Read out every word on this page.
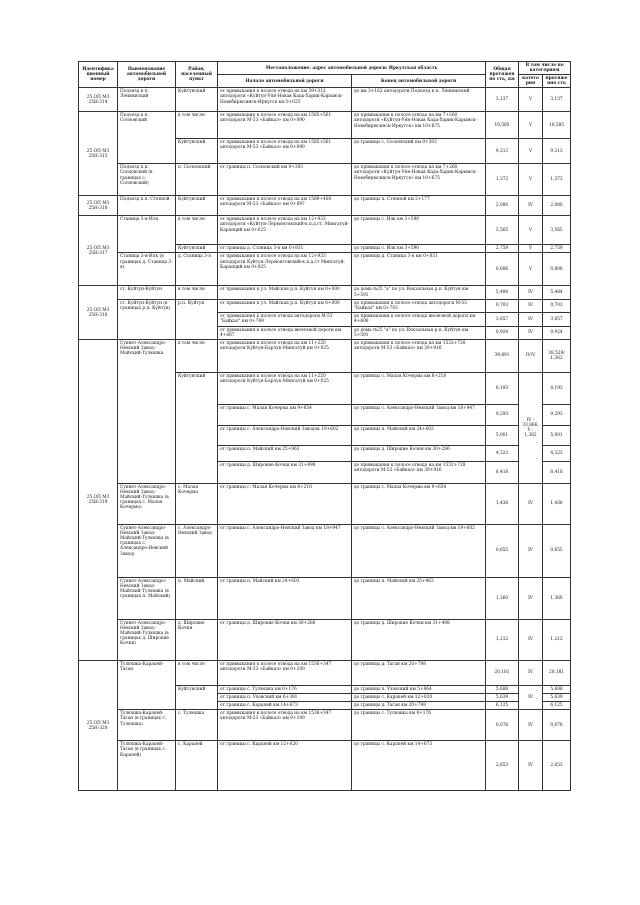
Идентифика ционный номер	Наименование автомобильной дороги	Район, населенный пункт	Местоположение: адрес автомобильной дороги: Иркутская область		Общая протяженно сть, км	В том числе по категориям	
			Начало автомобильной дороги	Конец автомобильной дороги		катего рия	протяженно сть

25 ОП МЗ 25Н-314	Подъезд к п. Лениниский	Куйтунский	от примыкания к полосе отвода на км 39+312 автодороги «Куйтун-Уян-Новая Када-Харик-Карымск-Новобирюсинск-Иркутск км 0+025	до км 3+162 автодороги Подъезд к п. Лениниский	3,137	V	3,137
25 ОП МЗ 25Н-315	Подъезд к п. Сосновский	в том числе	от примыкания к полосе отвода на км 1585+561 автодороги М-53 «Байкал» км 0+090	до примыкания к полосе отвода на км 7+260 автодороги «Куйтун-Уян-Новая Када-Харик-Карымск-Новобирюсинск-Иркутск» км 10+675	10,585	V	10,585
		Куйтунский	от примыкания к полосе отвода на км 1585+561 автодороги М-53 «Байкал» км 0+090	до границы с. Сосновский км 9+303	9,213	V	9,213
	Подъезд к п. Сосновский (в границах с. Сосновский)	п. Сосновский	от границы п. Сосновский км 9+303	до примыкания к полосе отвода на км 7+260 автодороги «Куйтун-Уян-Новая Када-Харик-Карымск-Новобирюсинск-Иркутск» км 10+675	1,372	V	1,372
25 ОП МЗ 25Н-316	Подъезд к п. Степной	Куйтунский	от примыкания к полосе отвода на км 1589+400 автодороги М-53 «Байкал» км 0+097	до границы п. Степной км 2+177	2,080	IV	2,080
25 ОП МЗ 25Н-317	Станица 3-я-Илк	в том числе	от примыкания к полосе отвода на км 12+933 автодороги «Куйтун-Лермонтовский-к.п.д.ст. Мингатуй-Карапций км 0+025	до границы с. Илк км 3+590	3,565	V	3,565
		Куйтунский	от границы д. Станица 3-я км 0+831	до границы с. Илк км 3+590	2,759	V	2,759
	Станица 3-я-Илк (в границах д. Станица 3-я)	д. Станица 3-я	от примыкания к полосе отвода на км 12+933 автодороги Куйтун-Лермонтовский-к.п.д.ст Мингатуй-Карапций км 0+025	до границы д. Станица 3-я км 0+831	0,806	V	0,806
25 ОП МЗ 25Н-318	ст. Куйтун-Куйтун	в том числе	от примыкания к ул. Майская р.п. Куйтун км 0+000	до дома №25 "а" по ул. Вокзальная р.п. Куйтун км 5+591	5,484	IV	5,484
	ст. Куйтун-Куйтун (в границах р.п. Куйтун)	р.п. Куйтун	от примыкания к ул. Майская р.п. Куйтун км 0+000	до примыкания к полосе отвода автодороги М-53 "Байкал" км 0+703	0,703	IV	0,703
			от примыкания к полосе отвода автодороги М-53 "Байкал" км 0+749	до примыкания к полосе отвода железной дороги км 4+606	3,857	IV	3,857
			от примыкания к полосе отвода железной дороги км 4+667	до дома №25 "а" по ул. Вокзальная р.п. Куйтун км 5+591	0,924	IV	0,924
25 ОП МЗ 25Н-319	Сукнет-Александро-Невский Завод-Майский-Тулюшка	в том числе	от примыкания к полосе отвода на км 11+220 автодороги Куйтун-Барлук-Мингатуй км 0+025	до примыкания к полосе отвода на км 1532+728 автодороги М-53 «Байкал» км 39+916	39,891	IV/V	38,529/ 1,362
		Куйтунский	от примыкания к полосе отвода на км 11+220 автодороги Куйтун-Барлук-Мингатуй км 0+025	до границы с. Малая Кочерма км 8+218	8,193	IV - 33,866, V - 1,362	8,193
			от границы с. Малая Кочерма км 9+654	до границы с. Александро-Невский Завод км 18+947	9,293		9,293
			от границы с. Александро-Невский Заводок 19+602	до границы п. Майский км 24+603	5,001		5,001
			от границы п. Майский км 25+963	до границы д. Широкие Кочки км 30+286	4,323		4,323
			от границы д. Широкие Кочки км 31+498	до примыкания к полосе отвода на км 1532+728 автодороги М-53 «Байкал» км 39+916	8,418		8,418
	Сукнет-Александро-Невский Завод-Майский-Тулюшка (в границах с. Малая Кочерма)	с. Малая Кочерма	от границы с. Малая Кочерма км 8+218	до границы с. Малая Кочерма км 9+654	1,436	IV	1,436
	Сукнет-Александро-Невский Завод-Майский-Тулюшка (в границах с. Александро-Невский Завод)	с. Александро-Невский Завод	от границы с. Александро-Невский Завод км 18+947	до границы с. Александро-Невский Завод км 19+602	0,655	IV	0,655
	Сукнет-Александро-Невский Завод-Майский-Тулюшка (в границах п. Майский)	п. Майский	от границы п. Майский км 24+603	до границы п. Майский км 25+963	1,360	IV	1,360
	Сукнет-Александро-Невский Завод-Майский-Тулюшка (в границах д. Широкие Кочки)	д. Широкие Кочки	от границы д. Широкие Кочки км 30+286	до границы д. Широкие Кочки км 31+498	1,212	IV	1,212
25 ОП МЗ 25Н-320	Тулюшка-Карапей-Таган	в том числе	от примыкания к полосе отвода на км 1536+347 автодороги М-53 «Байкал» км 0+100	до границы д. Таган км 20+798	20,181	IV	20,181
		Куйтунский	от границы с. Тулюшка км 0+176	до границы п. Уховский км 5+864	5,688	IV	5,688
			от границы п. Уховский км 6+381	до границы с. Карапей км 12+020	5,639		5,639
			от границы с. Карапей км 14+673	до границы д. Таган км 20+798	6,125		6,125
	Тулюшка-Карапей-Таган (в границах с. Тулюшка)	с. Тулюшка	от примыкания к полосе отвода на км 1536+347 автодороги М-53 «Байкал» км 0+100	до границы с. Тулюшка км 0+176	0,076	IV	0,076
	Тулюшка-Карапей-Таган (в границах с. Карапей)	с. Карапей	от границы с. Карапей км 12+020	до границы с. Карапей км 14+673	2,653	IV	2,653
